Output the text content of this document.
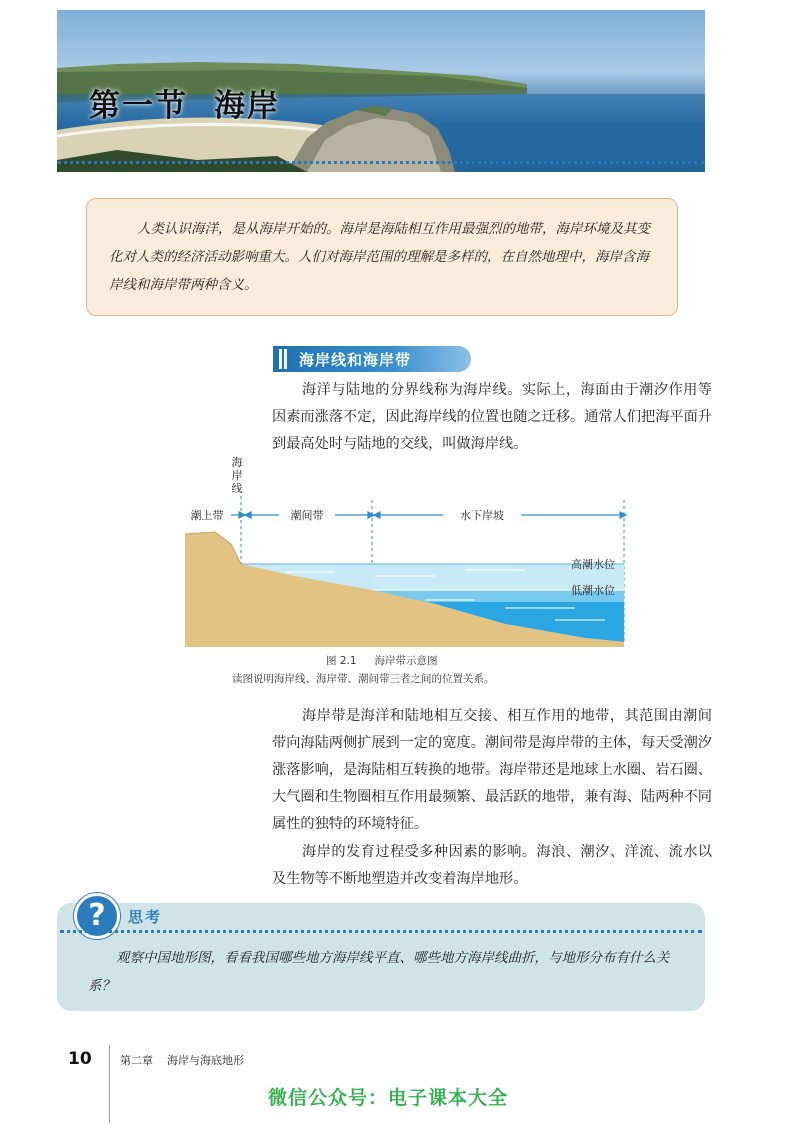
第一节 海岸

人类认识海洋，是从海岸开始的。海岸是海陆相互作用最强烈的地带，海岸环境及其变化对人类的经济活动影响重大。人们对海岸范围的理解是多样的，在自然地理中，海岸含海岸线和海岸带两种含义。

海岸线和海岸带

海洋与陆地的分界线称为海岸线。实际上，海面由于潮汐作用等因素而涨落不定，因此海岸线的位置也随之迁移。通常人们把海平面升到最高处时与陆地的交线，叫做海岸线。

海
岸
线
潮上带	潮间带	水下岸坡
高潮水位
低潮水位
图 2.1 海岸带示意图
读图说明海岸线、海岸带、潮间带三者之间的位置关系。

海岸带是海洋和陆地相互交接、相互作用的地带，其范围由潮间带向海陆两侧扩展到一定的宽度。潮间带是海岸带的主体，每天受潮汐涨落影响，是海陆相互转换的地带。海岸带还是地球上水圈、岩石圈、大气圈和生物圈相互作用最频繁、最活跃的地带，兼有海、陆两种不同属性的独特的环境特征。

海岸的发育过程受多种因素的影响。海浪、潮汐、洋流、流水以及生物等不断地塑造并改变着海岸地形。

?	思考

观察中国地形图，看看我国哪些地方海岸线平直、哪些地方海岸线曲折，与地形分布有什么关系？

10	第二章 海岸与海底地形
微信公众号：电子课本大全
